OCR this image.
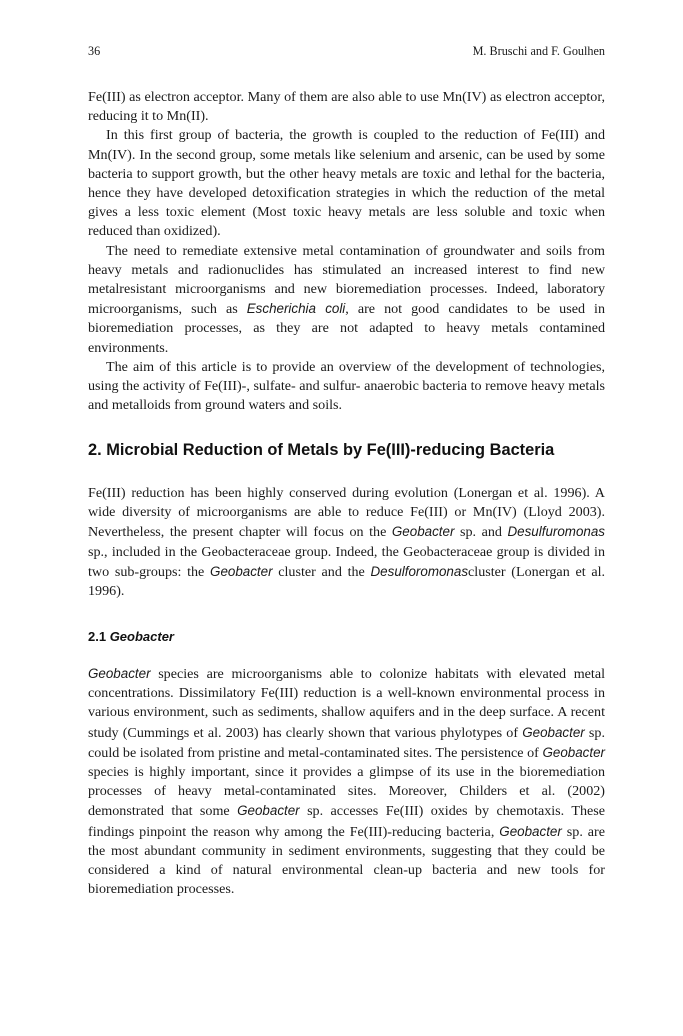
36	M. Bruschi and F. Goulhen

Fe(III) as electron acceptor. Many of them are also able to use Mn(IV) as electron acceptor, reducing it to Mn(II).

In this first group of bacteria, the growth is coupled to the reduction of Fe(III) and Mn(IV). In the second group, some metals like selenium and arsenic, can be used by some bacteria to support growth, but the other heavy metals are toxic and lethal for the bacteria, hence they have developed detoxification strategies in which the reduction of the metal gives a less toxic element (Most toxic heavy metals are less soluble and toxic when reduced than oxidized).

The need to remediate extensive metal contamination of groundwater and soils from heavy metals and radionuclides has stimulated an increased interest to find new metalresistant microorganisms and new bioremediation processes. Indeed, laboratory microorganisms, such as Escherichia coli, are not good candidates to be used in bioremediation processes, as they are not adapted to heavy metals contamined environments.

The aim of this article is to provide an overview of the development of technologies, using the activity of Fe(III)-, sulfate- and sulfur- anaerobic bacteria to remove heavy metals and metalloids from ground waters and soils.

2. Microbial Reduction of Metals by Fe(III)-reducing Bacteria

Fe(III) reduction has been highly conserved during evolution (Lonergan et al. 1996). A wide diversity of microorganisms are able to reduce Fe(III) or Mn(IV) (Lloyd 2003). Nevertheless, the present chapter will focus on the Geobacter sp. and Desulfuromonas sp., included in the Geobacteraceae group. Indeed, the Geobacteraceae group is divided in two sub-groups: the Geobacter cluster and the Desulforomonascluster (Lonergan et al. 1996).

2.1 Geobacter

Geobacter species are microorganisms able to colonize habitats with elevated metal concentrations. Dissimilatory Fe(III) reduction is a well-known environmental process in various environment, such as sediments, shallow aquifers and in the deep surface. A recent study (Cummings et al. 2003) has clearly shown that various phylotypes of Geobacter sp. could be isolated from pristine and metal-contaminated sites. The persistence of Geobacter species is highly important, since it provides a glimpse of its use in the bioremediation processes of heavy metal-contaminated sites. Moreover, Childers et al. (2002) demonstrated that some Geobacter sp. accesses Fe(III) oxides by chemotaxis. These findings pinpoint the reason why among the Fe(III)-reducing bacteria, Geobacter sp. are the most abundant community in sediment environments, suggesting that they could be considered a kind of natural environmental clean-up bacteria and new tools for bioremediation processes.
